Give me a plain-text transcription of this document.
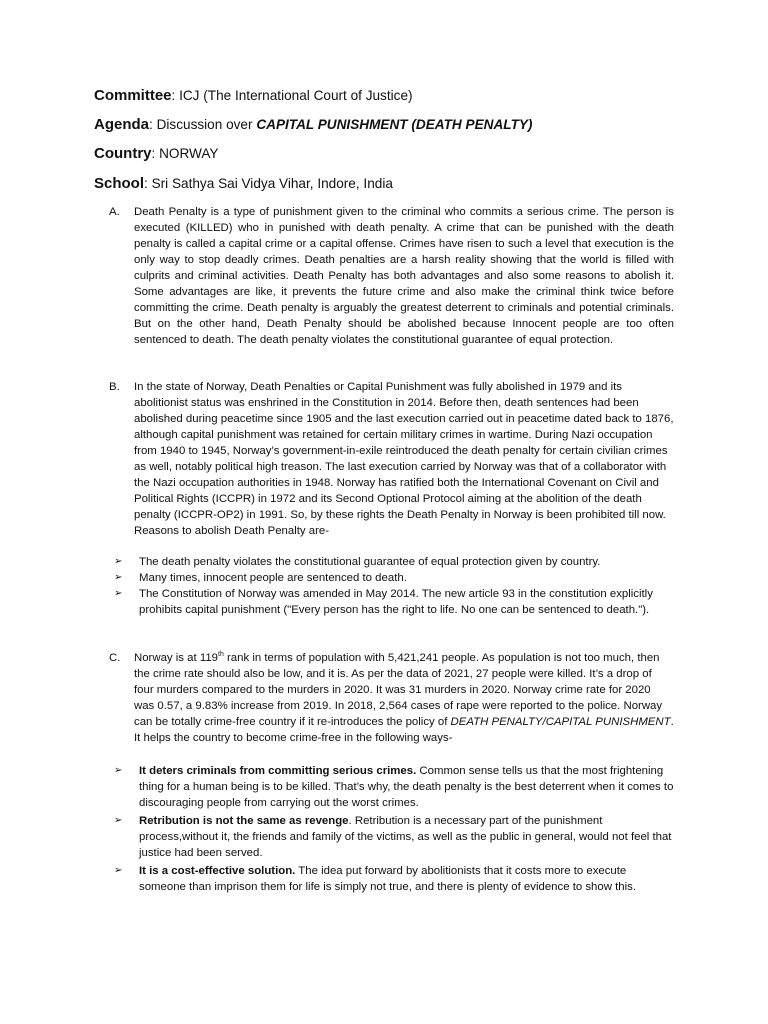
Committee: ICJ (The International Court of Justice)
Agenda: Discussion over CAPITAL PUNISHMENT (DEATH PENALTY)
Country: NORWAY
School: Sri Sathya Sai Vidya Vihar, Indore, India
A. Death Penalty is a type of punishment given to the criminal who commits a serious crime. The person is executed (KILLED) who in punished with death penalty. A crime that can be punished with the death penalty is called a capital crime or a capital offense. Crimes have risen to such a level that execution is the only way to stop deadly crimes. Death penalties are a harsh reality showing that the world is filled with culprits and criminal activities. Death Penalty has both advantages and also some reasons to abolish it. Some advantages are like, it prevents the future crime and also make the criminal think twice before committing the crime. Death penalty is arguably the greatest deterrent to criminals and potential criminals. But on the other hand, Death Penalty should be abolished because Innocent people are too often sentenced to death. The death penalty violates the constitutional guarantee of equal protection.
B. In the state of Norway, Death Penalties or Capital Punishment was fully abolished in 1979 and its abolitionist status was enshrined in the Constitution in 2014. Before then, death sentences had been abolished during peacetime since 1905 and the last execution carried out in peacetime dated back to 1876, although capital punishment was retained for certain military crimes in wartime. During Nazi occupation from 1940 to 1945, Norway’s government-in-exile reintroduced the death penalty for certain civilian crimes as well, notably political high treason. The last execution carried by Norway was that of a collaborator with the Nazi occupation authorities in 1948. Norway has ratified both the International Covenant on Civil and Political Rights (ICCPR) in 1972 and its Second Optional Protocol aiming at the abolition of the death penalty (ICCPR-OP2) in 1991. So, by these rights the Death Penalty in Norway is been prohibited till now. Reasons to abolish Death Penalty are-
➢ The death penalty violates the constitutional guarantee of equal protection given by country.
➢ Many times, innocent people are sentenced to death.
➢ The Constitution of Norway was amended in May 2014. The new article 93 in the constitution explicitly prohibits capital punishment ("Every person has the right to life. No one can be sentenced to death.").
C. Norway is at 119th rank in terms of population with 5,421,241 people. As population is not too much, then the crime rate should also be low, and it is. As per the data of 2021, 27 people were killed. It’s a drop of four murders compared to the murders in 2020. It was 31 murders in 2020. Norway crime rate for 2020 was 0.57, a 9.83% increase from 2019. In 2018, 2,564 cases of rape were reported to the police. Norway can be totally crime-free country if it re-introduces the policy of DEATH PENALTY/CAPITAL PUNISHMENT. It helps the country to become crime-free in the following ways-
➢ It deters criminals from committing serious crimes. Common sense tells us that the most frightening thing for a human being is to be killed. That’s why, the death penalty is the best deterrent when it comes to discouraging people from carrying out the worst crimes.
➢ Retribution is not the same as revenge. Retribution is a necessary part of the punishment process,without it, the friends and family of the victims, as well as the public in general, would not feel that justice had been served.
➢ It is a cost-effective solution. The idea put forward by abolitionists that it costs more to execute someone than imprison them for life is simply not true, and there is plenty of evidence to show this.
